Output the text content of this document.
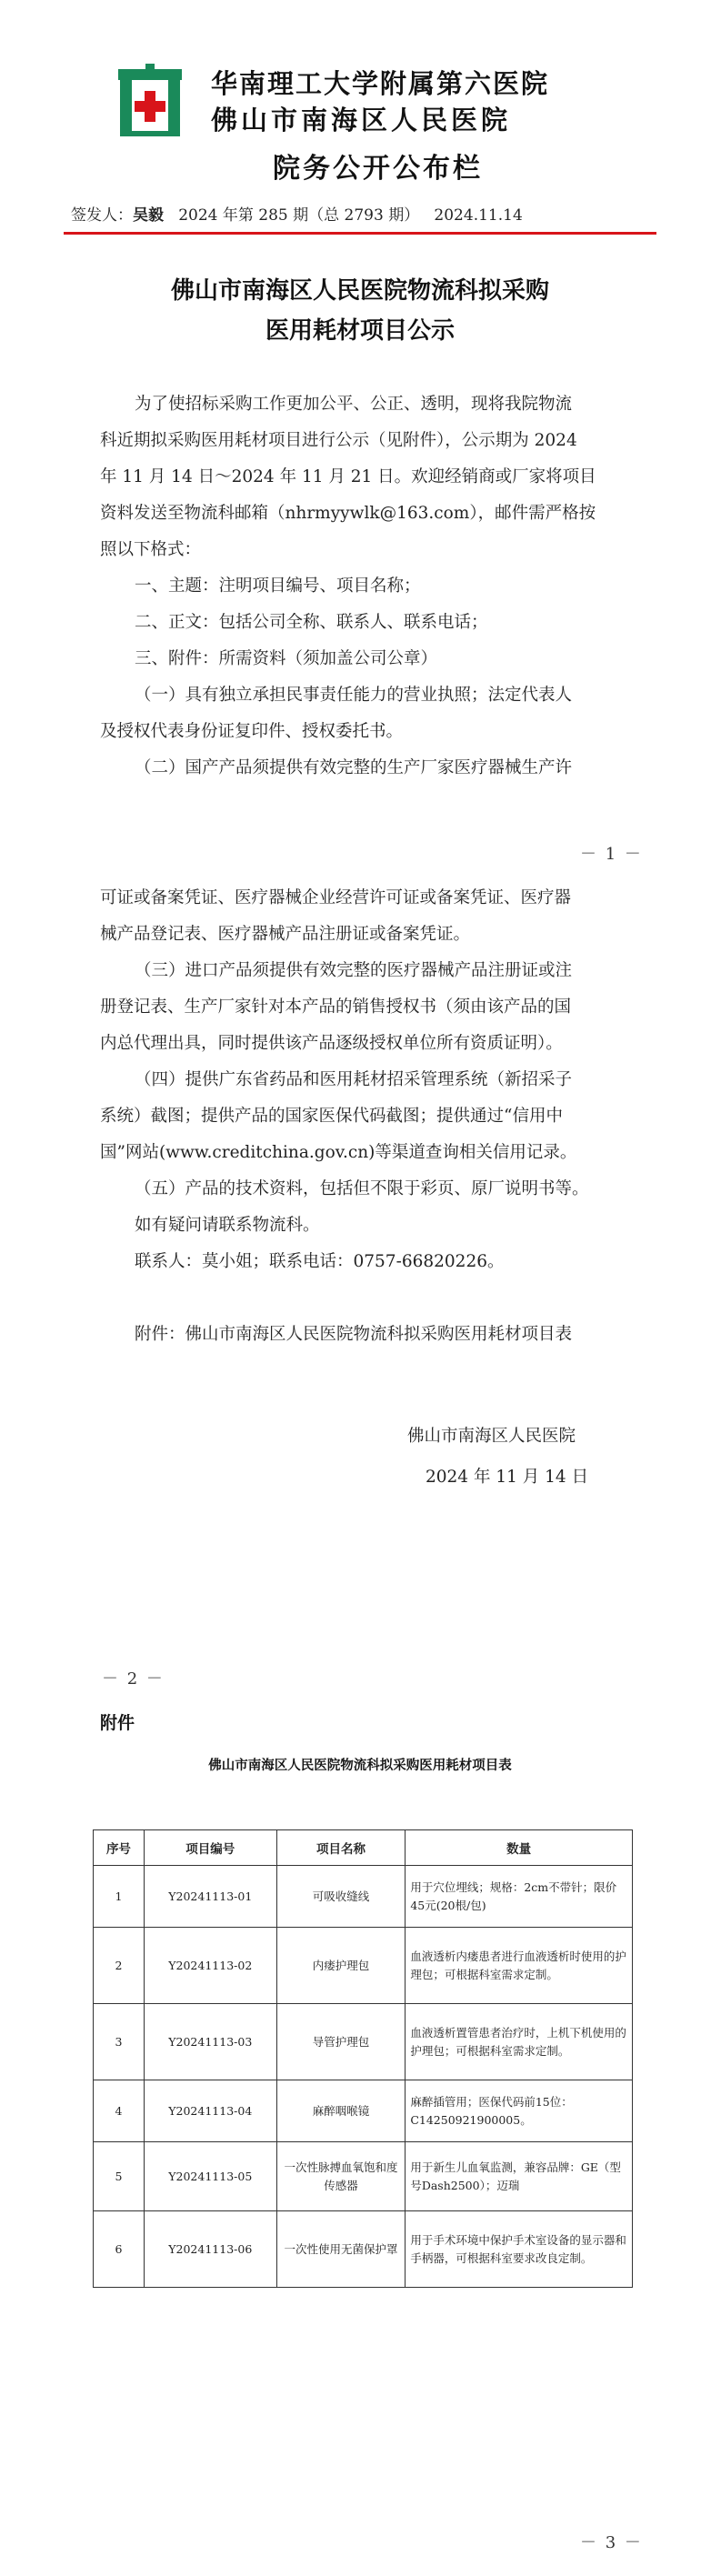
华南理工大学附属第六医院
佛山市南海区人民医院
院务公开公布栏
签发人：吴毅 2024 年第 285 期（总 2793 期）   2024.11.14
佛山市南海区人民医院物流科拟采购
医用耗材项目公示
为了使招标采购工作更加公平、公正、透明，现将我院物流
科近期拟采购医用耗材项目进行公示（见附件），公示期为 2024
年 11 月 14 日～2024 年 11 月 21 日。欢迎经销商或厂家将项目
资料发送至物流科邮箱（nhrmyywlk@163.com），邮件需严格按
照以下格式：
一、主题：注明项目编号、项目名称；
二、正文：包括公司全称、联系人、联系电话；
三、附件：所需资料（须加盖公司公章）
（一）具有独立承担民事责任能力的营业执照；法定代表人
及授权代表身份证复印件、授权委托书。
（二）国产产品须提供有效完整的生产厂家医疗器械生产许
－ 1 －
可证或备案凭证、医疗器械企业经营许可证或备案凭证、医疗器
械产品登记表、医疗器械产品注册证或备案凭证。
（三）进口产品须提供有效完整的医疗器械产品注册证或注
册登记表、生产厂家针对本产品的销售授权书（须由该产品的国
内总代理出具，同时提供该产品逐级授权单位所有资质证明）。
（四）提供广东省药品和医用耗材招采管理系统（新招采子
系统）截图；提供产品的国家医保代码截图；提供通过“信用中
国”网站(www.creditchina.gov.cn)等渠道查询相关信用记录。
（五）产品的技术资料，包括但不限于彩页、原厂说明书等。
如有疑问请联系物流科。
联系人：莫小姐；联系电话：0757-66820226。
附件：佛山市南海区人民医院物流科拟采购医用耗材项目表
佛山市南海区人民医院
2024 年 11 月 14 日
－ 2 －
附件
佛山市南海区人民医院物流科拟采购医用耗材项目表
序号	项目编号	项目名称	数量
1	Y20241113-01	可吸收缝线	用于穴位埋线；规格：2cm不带针；限价45元(20根/包)
2	Y20241113-02	内瘘护理包	血液透析内瘘患者进行血液透析时使用的护理包；可根据科室需求定制。
3	Y20241113-03	导管护理包	血液透析置管患者治疗时，上机下机使用的护理包；可根据科室需求定制。
4	Y20241113-04	麻醉咽喉镜	麻醉插管用；医保代码前15位：C14250921900005。
5	Y20241113-05	一次性脉搏血氧饱和度传感器	用于新生儿血氧监测，兼容品牌：GE（型号Dash2500）；迈瑞
6	Y20241113-06	一次性使用无菌保护罩	用于手术环境中保护手术室设备的显示器和手柄器，可根据科室要求改良定制。
－ 3 －
